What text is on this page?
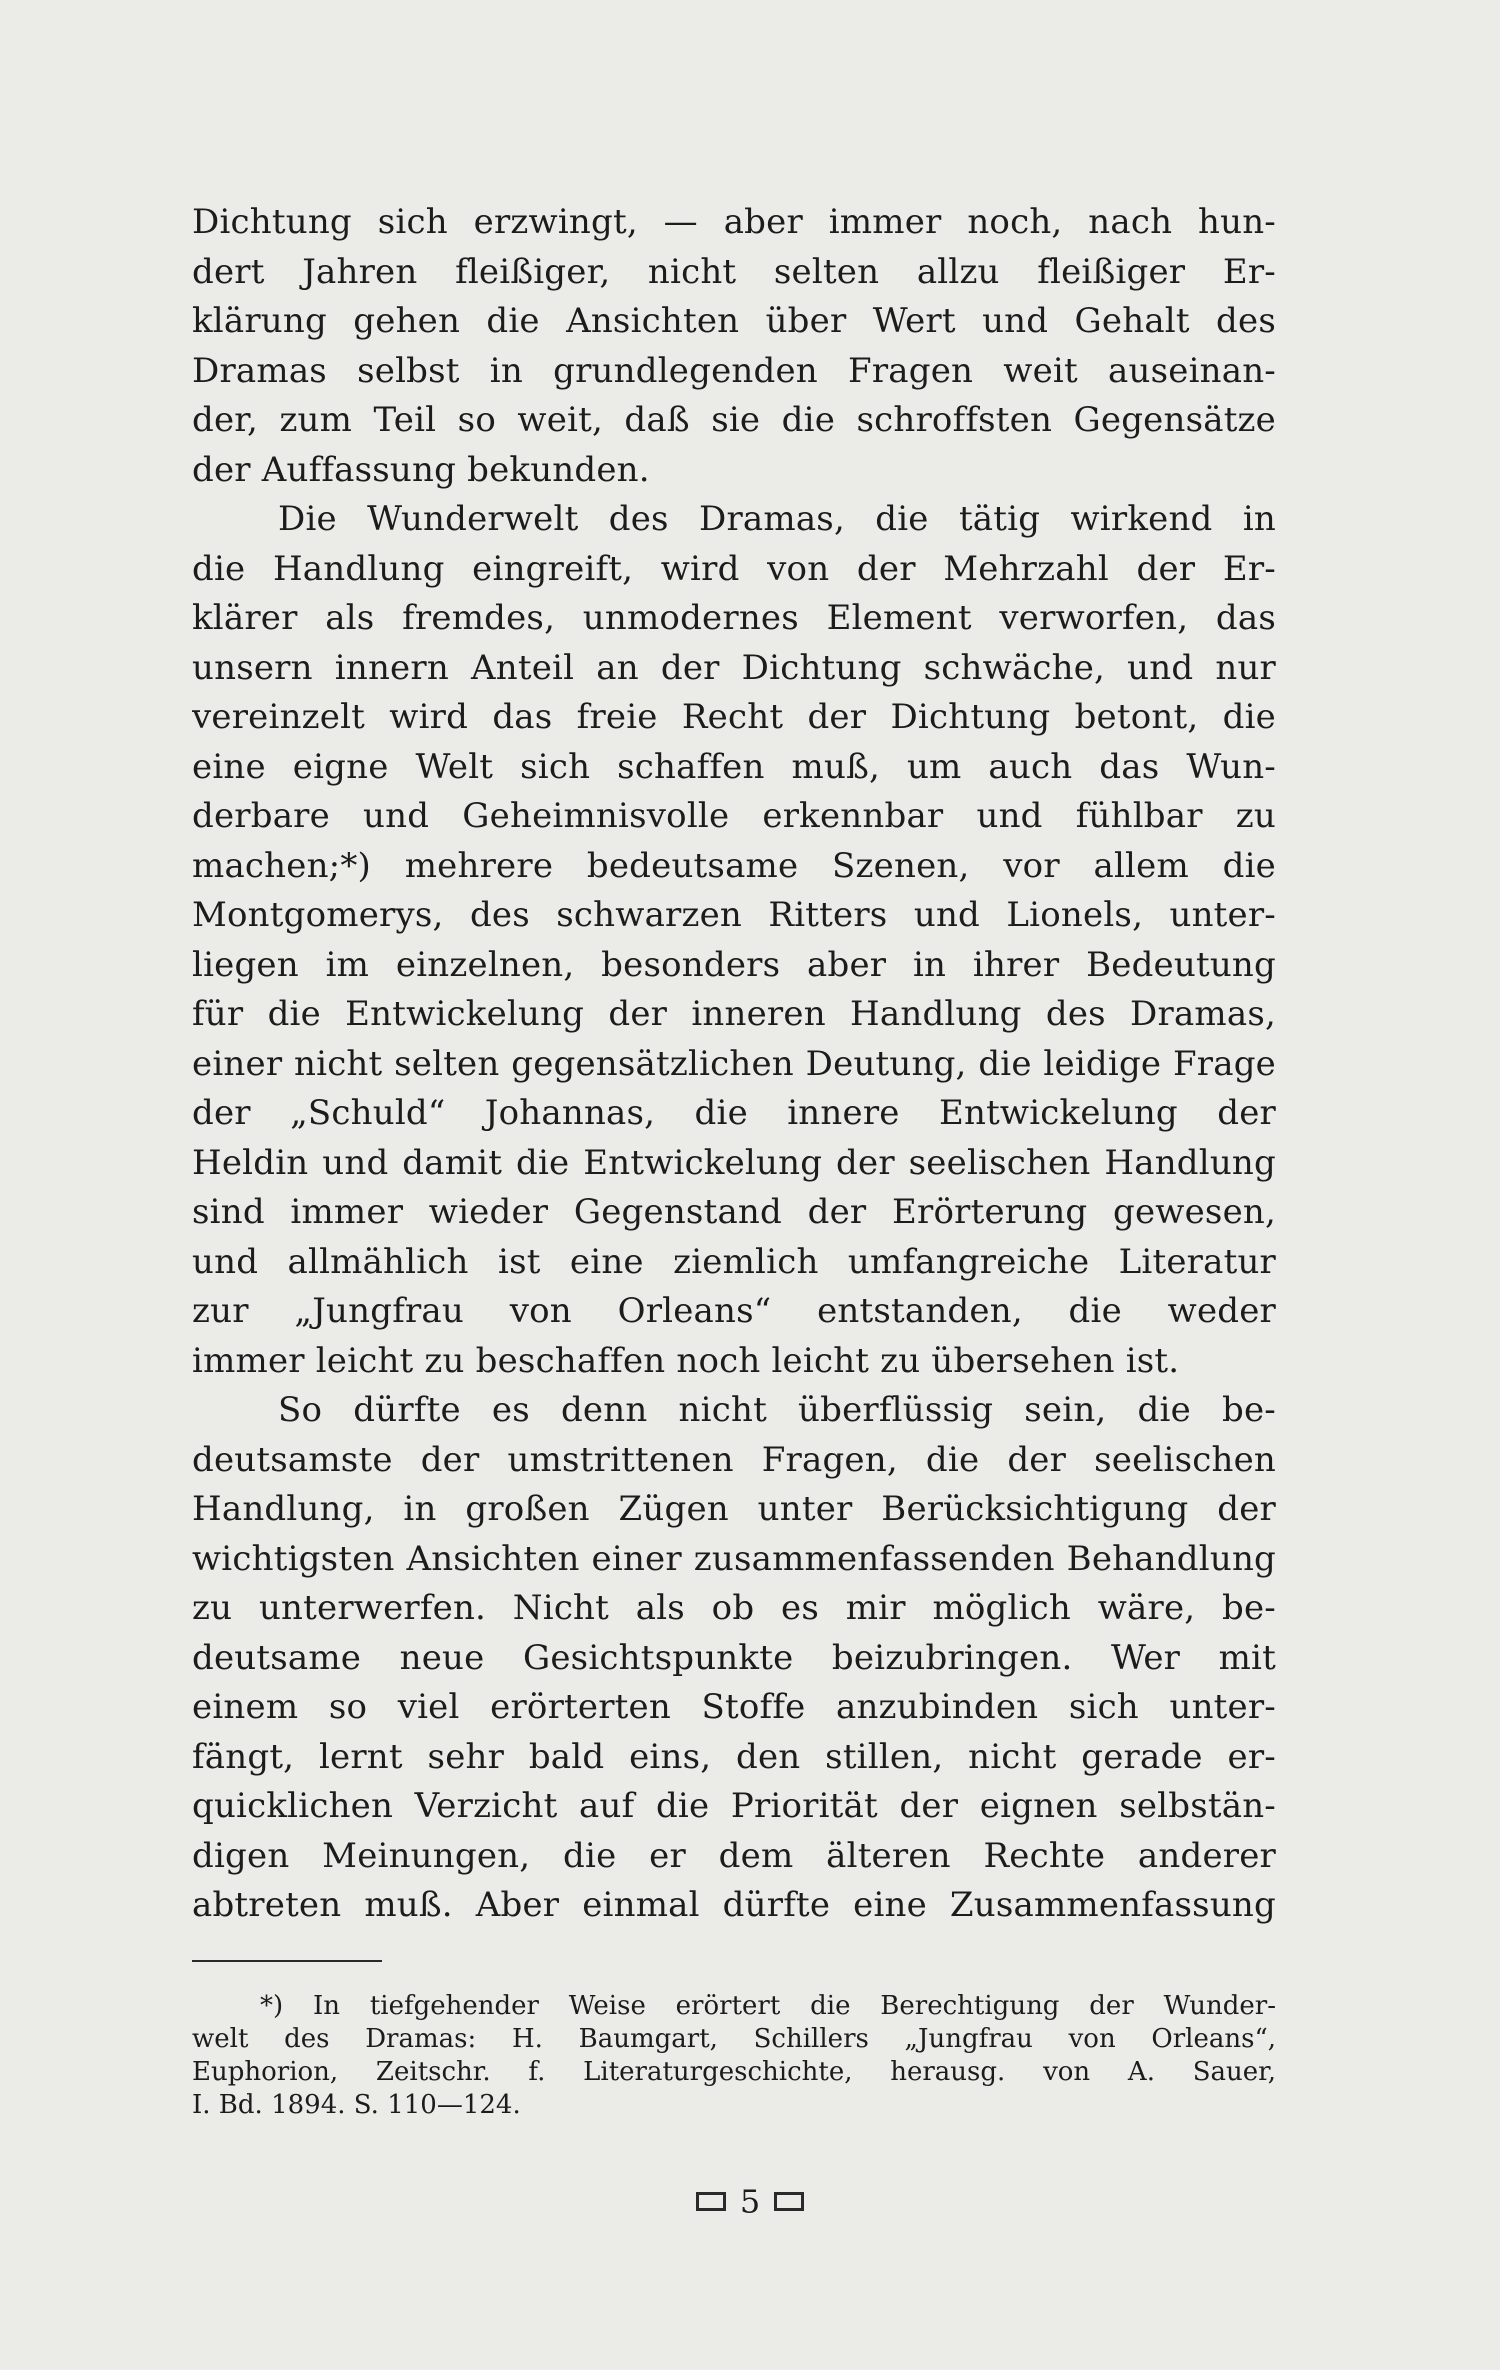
Dichtung sich erzwingt, — aber immer noch, nach hun-
dert Jahren fleißiger, nicht selten allzu fleißiger Er-
klärung gehen die Ansichten über Wert und Gehalt des
Dramas selbst in grundlegenden Fragen weit auseinan-
der, zum Teil so weit, daß sie die schroffsten Gegensätze
der Auffassung bekunden.
Die Wunderwelt des Dramas, die tätig wirkend in
die Handlung eingreift, wird von der Mehrzahl der Er-
klärer als fremdes, unmodernes Element verworfen, das
unsern innern Anteil an der Dichtung schwäche, und nur
vereinzelt wird das freie Recht der Dichtung betont, die
eine eigne Welt sich schaffen muß, um auch das Wun-
derbare und Geheimnisvolle erkennbar und fühlbar zu
machen;*) mehrere bedeutsame Szenen, vor allem die
Montgomerys, des schwarzen Ritters und Lionels, unter-
liegen im einzelnen, besonders aber in ihrer Bedeutung
für die Entwickelung der inneren Handlung des Dramas,
einer nicht selten gegensätzlichen Deutung, die leidige Frage
der „Schuld“ Johannas, die innere Entwickelung der
Heldin und damit die Entwickelung der seelischen Handlung
sind immer wieder Gegenstand der Erörterung gewesen,
und allmählich ist eine ziemlich umfangreiche Literatur
zur „Jungfrau von Orleans“ entstanden, die weder
immer leicht zu beschaffen noch leicht zu übersehen ist.
So dürfte es denn nicht überflüssig sein, die be-
deutsamste der umstrittenen Fragen, die der seelischen
Handlung, in großen Zügen unter Berücksichtigung der
wichtigsten Ansichten einer zusammenfassenden Behandlung
zu unterwerfen. Nicht als ob es mir möglich wäre, be-
deutsame neue Gesichtspunkte beizubringen. Wer mit
einem so viel erörterten Stoffe anzubinden sich unter-
fängt, lernt sehr bald eins, den stillen, nicht gerade er-
quicklichen Verzicht auf die Priorität der eignen selbstän-
digen Meinungen, die er dem älteren Rechte anderer
abtreten muß. Aber einmal dürfte eine Zusammenfassung
*) In tiefgehender Weise erörtert die Berechtigung der Wunder-
welt des Dramas: H. Baumgart, Schillers „Jungfrau von Orleans“,
Euphorion, Zeitschr. f. Literaturgeschichte, herausg. von A. Sauer,
I. Bd. 1894. S. 110—124.
5
